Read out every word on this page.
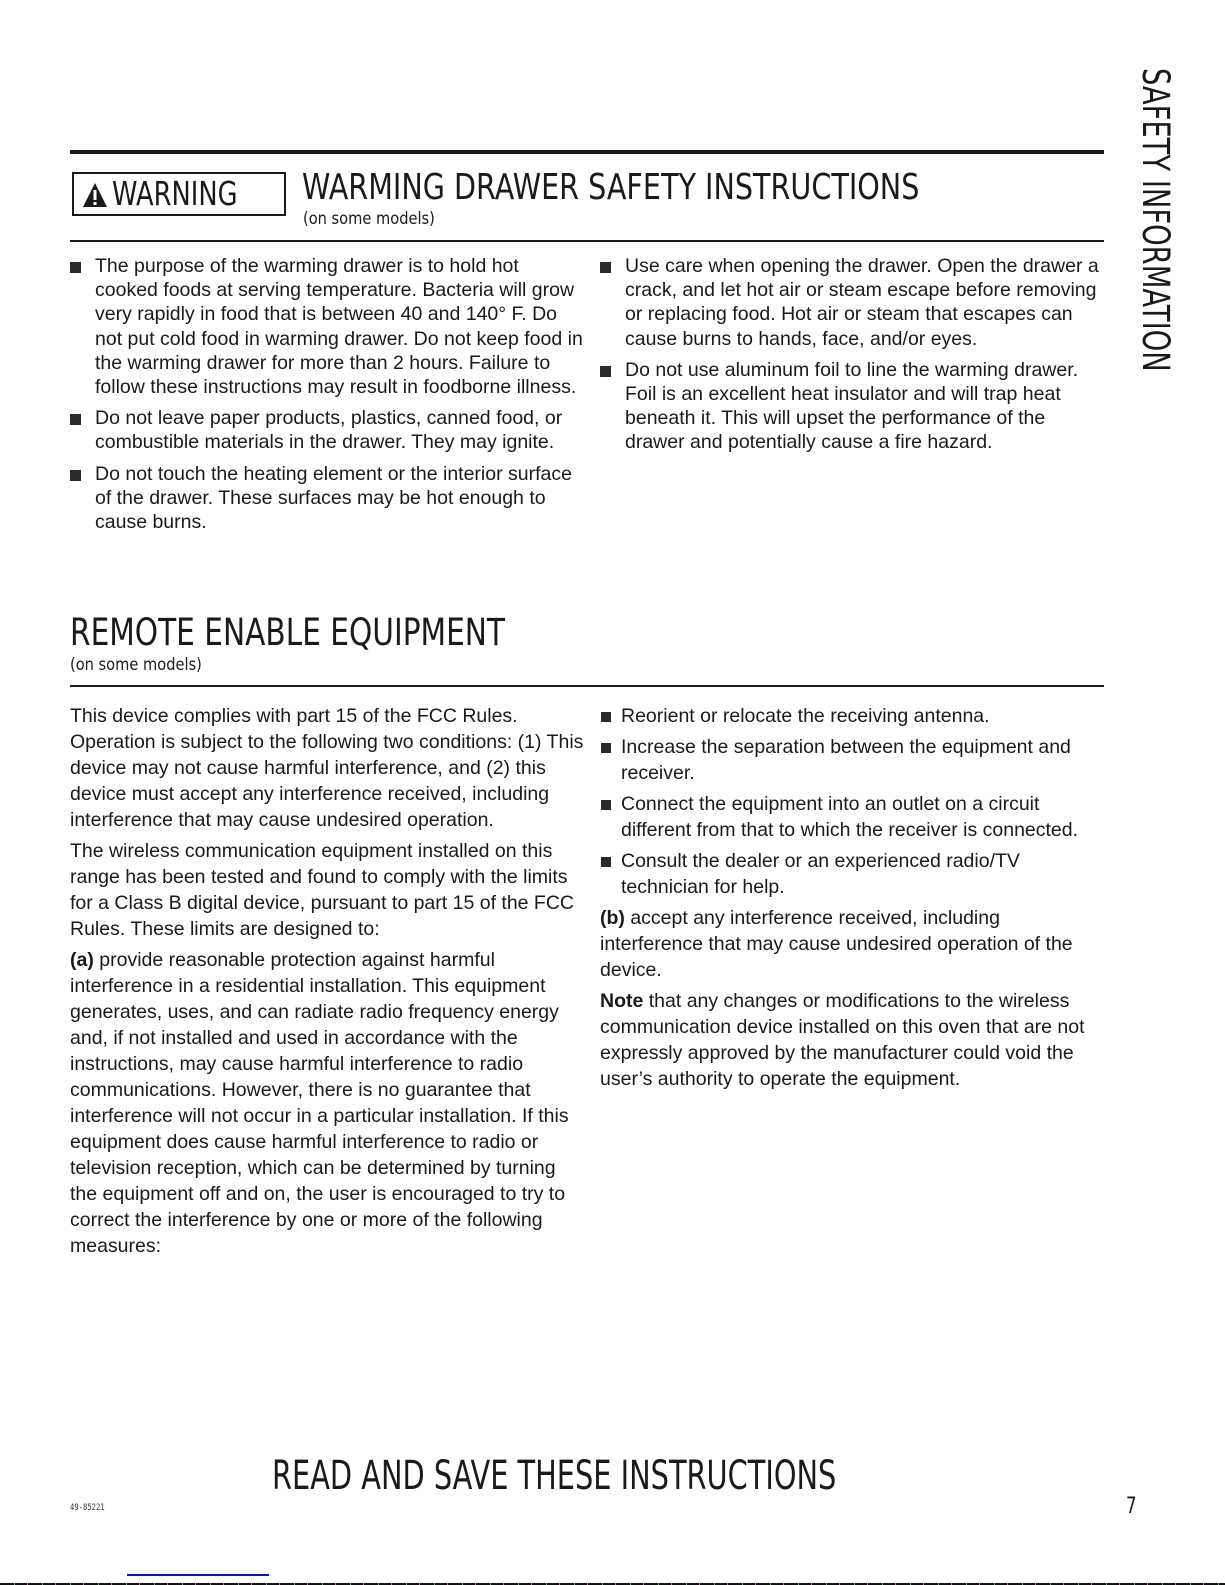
SAFETY INFORMATION
WARNING WARMING DRAWER SAFETY INSTRUCTIONS
(on some models)
The purpose of the warming drawer is to hold hot cooked foods at serving temperature. Bacteria will grow very rapidly in food that is between 40 and 140° F. Do not put cold food in warming drawer. Do not keep food in the warming drawer for more than 2 hours. Failure to follow these instructions may result in foodborne illness.
Do not leave paper products, plastics, canned food, or combustible materials in the drawer. They may ignite.
Do not touch the heating element or the interior surface of the drawer. These surfaces may be hot enough to cause burns.
Use care when opening the drawer. Open the drawer a crack, and let hot air or steam escape before removing or replacing food. Hot air or steam that escapes can cause burns to hands, face, and/or eyes.
Do not use aluminum foil to line the warming drawer. Foil is an excellent heat insulator and will trap heat beneath it. This will upset the performance of the drawer and potentially cause a fire hazard.
REMOTE ENABLE EQUIPMENT
(on some models)

This device complies with part 15 of the FCC Rules. Operation is subject to the following two conditions: (1) This device may not cause harmful interference, and (2) this device must accept any interference received, including interference that may cause undesired operation.

The wireless communication equipment installed on this range has been tested and found to comply with the limits for a Class B digital device, pursuant to part 15 of the FCC Rules. These limits are designed to:

(a) provide reasonable protection against harmful interference in a residential installation. This equipment generates, uses, and can radiate radio frequency energy and, if not installed and used in accordance with the instructions, may cause harmful interference to radio communications. However, there is no guarantee that interference will not occur in a particular installation. If this equipment does cause harmful interference to radio or television reception, which can be determined by turning the equipment off and on, the user is encouraged to try to correct the interference by one or more of the following measures:

Reorient or relocate the receiving antenna.
Increase the separation between the equipment and receiver.
Connect the equipment into an outlet on a circuit different from that to which the receiver is connected.
Consult the dealer or an experienced radio/TV technician for help.

(b) accept any interference received, including interference that may cause undesired operation of the device.

Note that any changes or modifications to the wireless communication device installed on this oven that are not expressly approved by the manufacturer could void the user’s authority to operate the equipment.

READ AND SAVE THESE INSTRUCTIONS
49-85221	7
